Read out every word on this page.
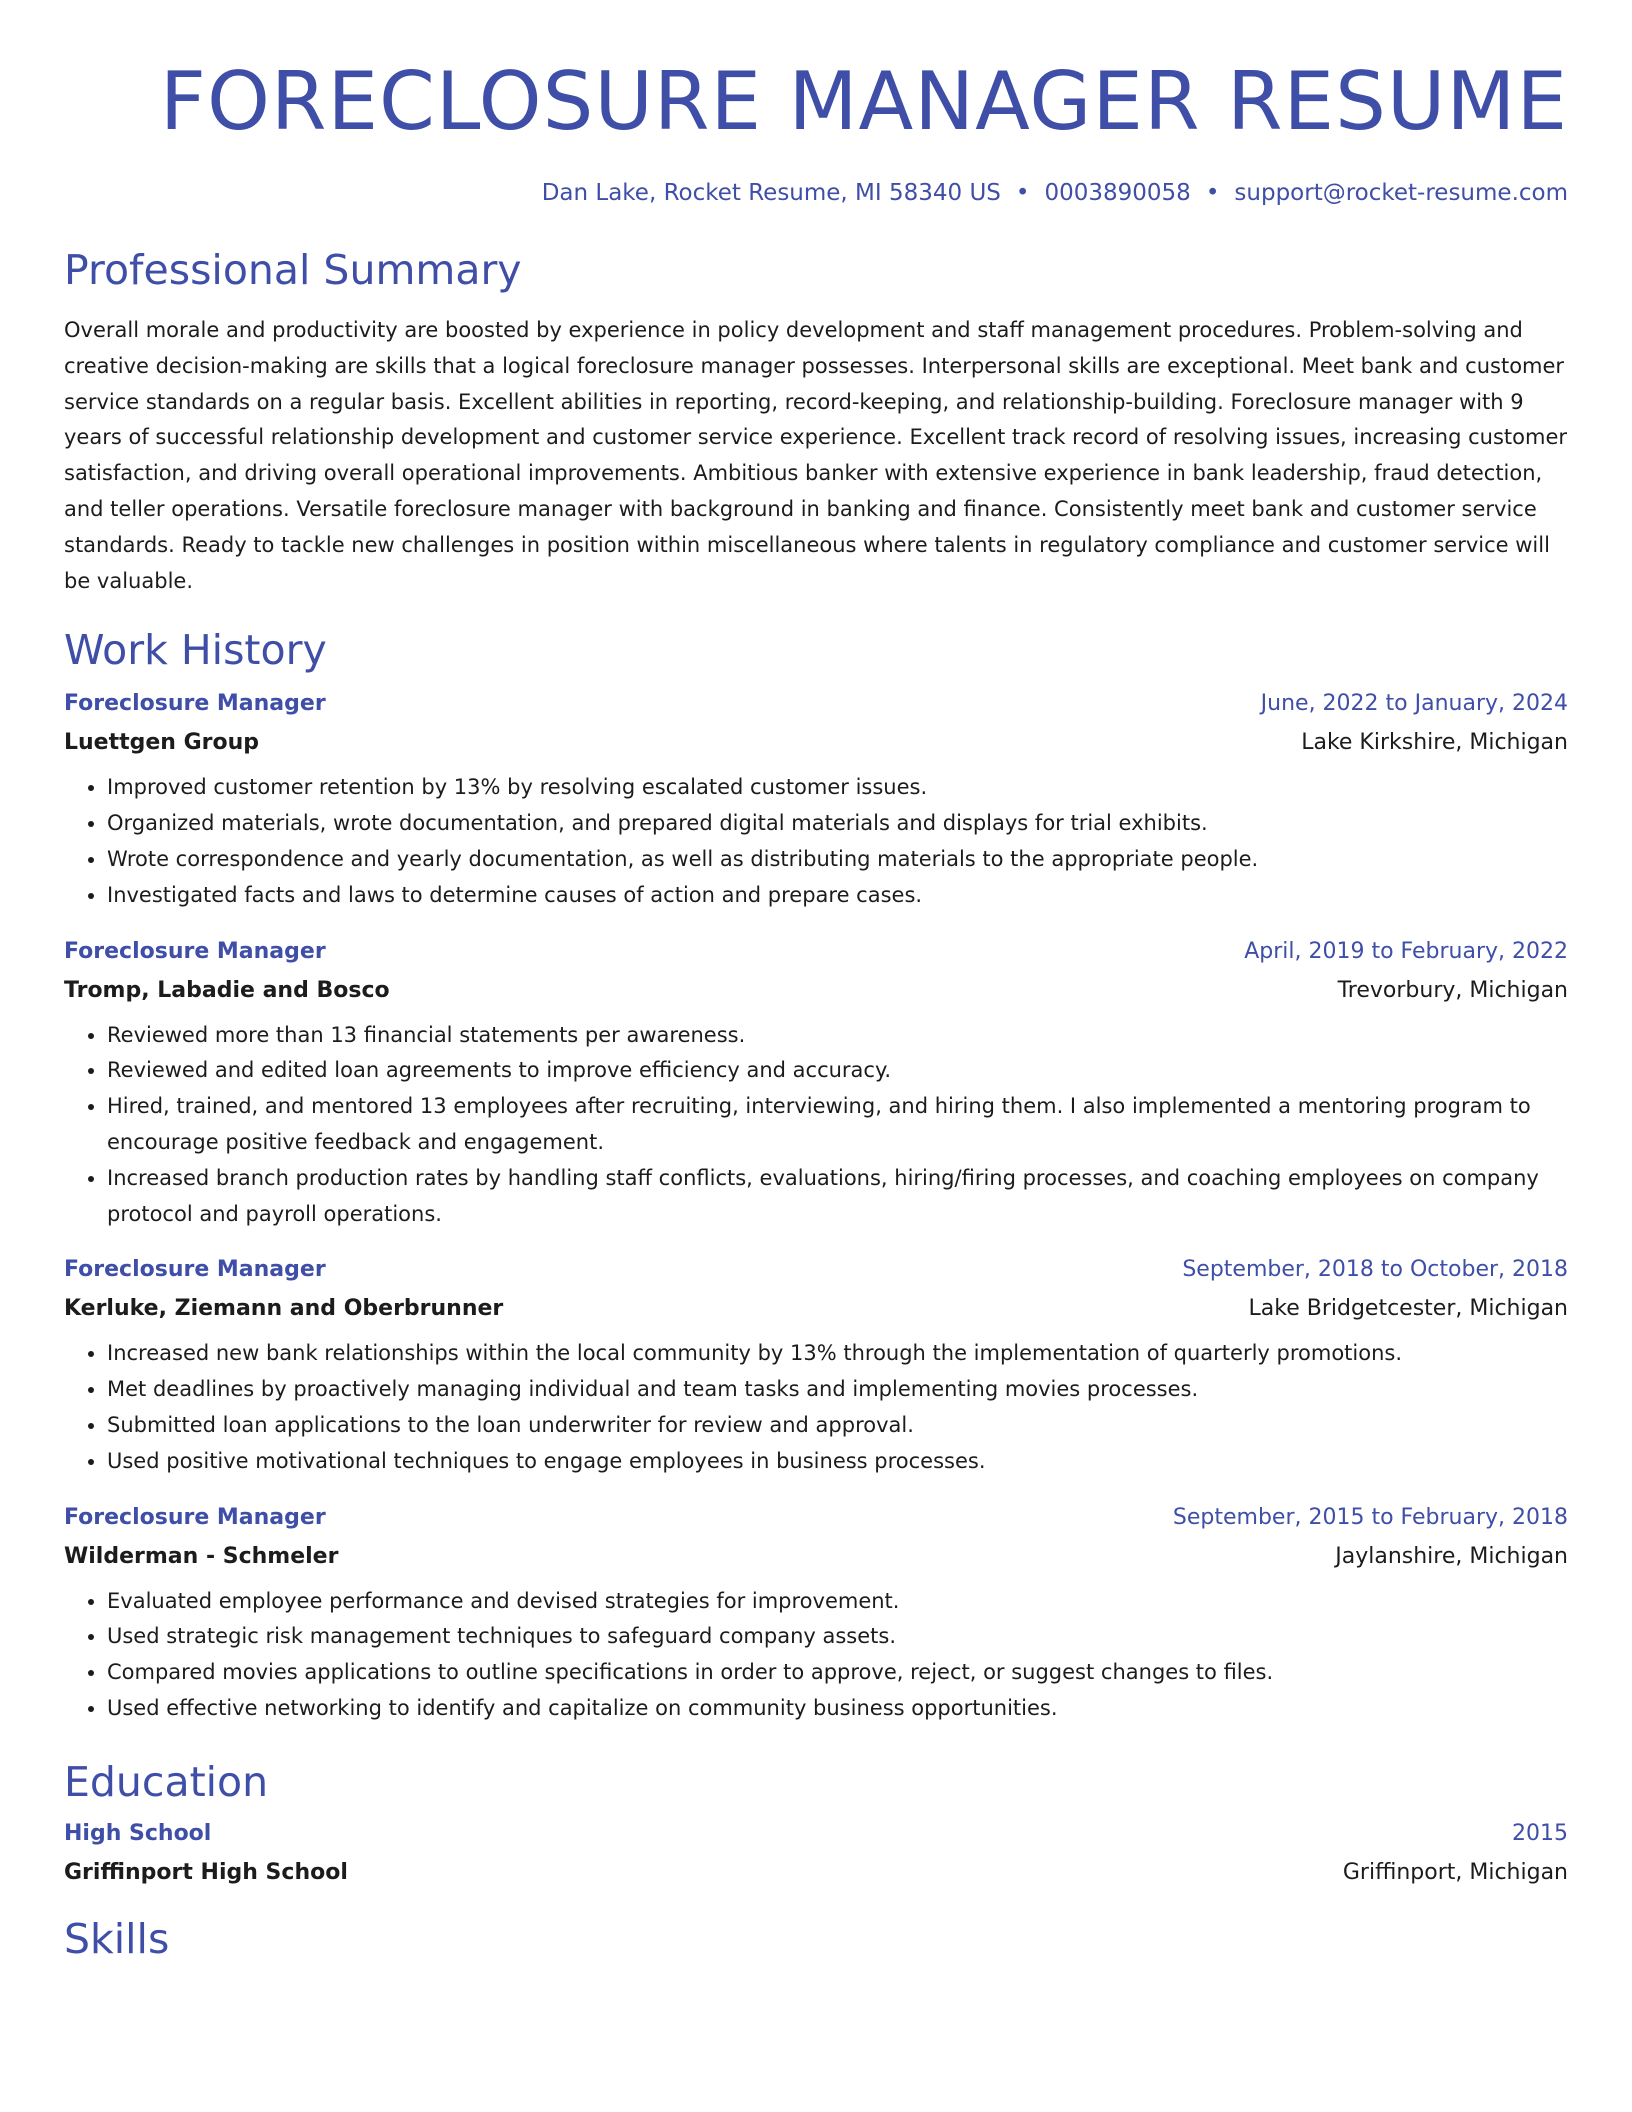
FORECLOSURE MANAGER RESUME
Dan Lake, Rocket Resume, MI 58340 US • 0003890058 • support@rocket-resume.com
Professional Summary

Overall morale and productivity are boosted by experience in policy development and staff management procedures. Problem-solving and creative decision-making are skills that a logical foreclosure manager possesses. Interpersonal skills are exceptional. Meet bank and customer service standards on a regular basis. Excellent abilities in reporting, record-keeping, and relationship-building. Foreclosure manager with 9 years of successful relationship development and customer service experience. Excellent track record of resolving issues, increasing customer satisfaction, and driving overall operational improvements. Ambitious banker with extensive experience in bank leadership, fraud detection, and teller operations. Versatile foreclosure manager with background in banking and finance. Consistently meet bank and customer service standards. Ready to tackle new challenges in position within miscellaneous where talents in regulatory compliance and customer service will be valuable.

Work History
Foreclosure Manager	June, 2022 to January, 2024
Luettgen Group	Lake Kirkshire, Michigan
• Improved customer retention by 13% by resolving escalated customer issues.
• Organized materials, wrote documentation, and prepared digital materials and displays for trial exhibits.
• Wrote correspondence and yearly documentation, as well as distributing materials to the appropriate people.
• Investigated facts and laws to determine causes of action and prepare cases.
Foreclosure Manager	April, 2019 to February, 2022
Tromp, Labadie and Bosco	Trevorbury, Michigan
• Reviewed more than 13 financial statements per awareness.
• Reviewed and edited loan agreements to improve efficiency and accuracy.
• Hired, trained, and mentored 13 employees after recruiting, interviewing, and hiring them. I also implemented a mentoring program to encourage positive feedback and engagement.
• Increased branch production rates by handling staff conflicts, evaluations, hiring/firing processes, and coaching employees on company protocol and payroll operations.
Foreclosure Manager	September, 2018 to October, 2018
Kerluke, Ziemann and Oberbrunner	Lake Bridgetcester, Michigan
• Increased new bank relationships within the local community by 13% through the implementation of quarterly promotions.
• Met deadlines by proactively managing individual and team tasks and implementing movies processes.
• Submitted loan applications to the loan underwriter for review and approval.
• Used positive motivational techniques to engage employees in business processes.
Foreclosure Manager	September, 2015 to February, 2018
Wilderman - Schmeler	Jaylanshire, Michigan
• Evaluated employee performance and devised strategies for improvement.
• Used strategic risk management techniques to safeguard company assets.
• Compared movies applications to outline specifications in order to approve, reject, or suggest changes to files.
• Used effective networking to identify and capitalize on community business opportunities.
Education
High School	2015
Griffinport High School	Griffinport, Michigan
Skills
